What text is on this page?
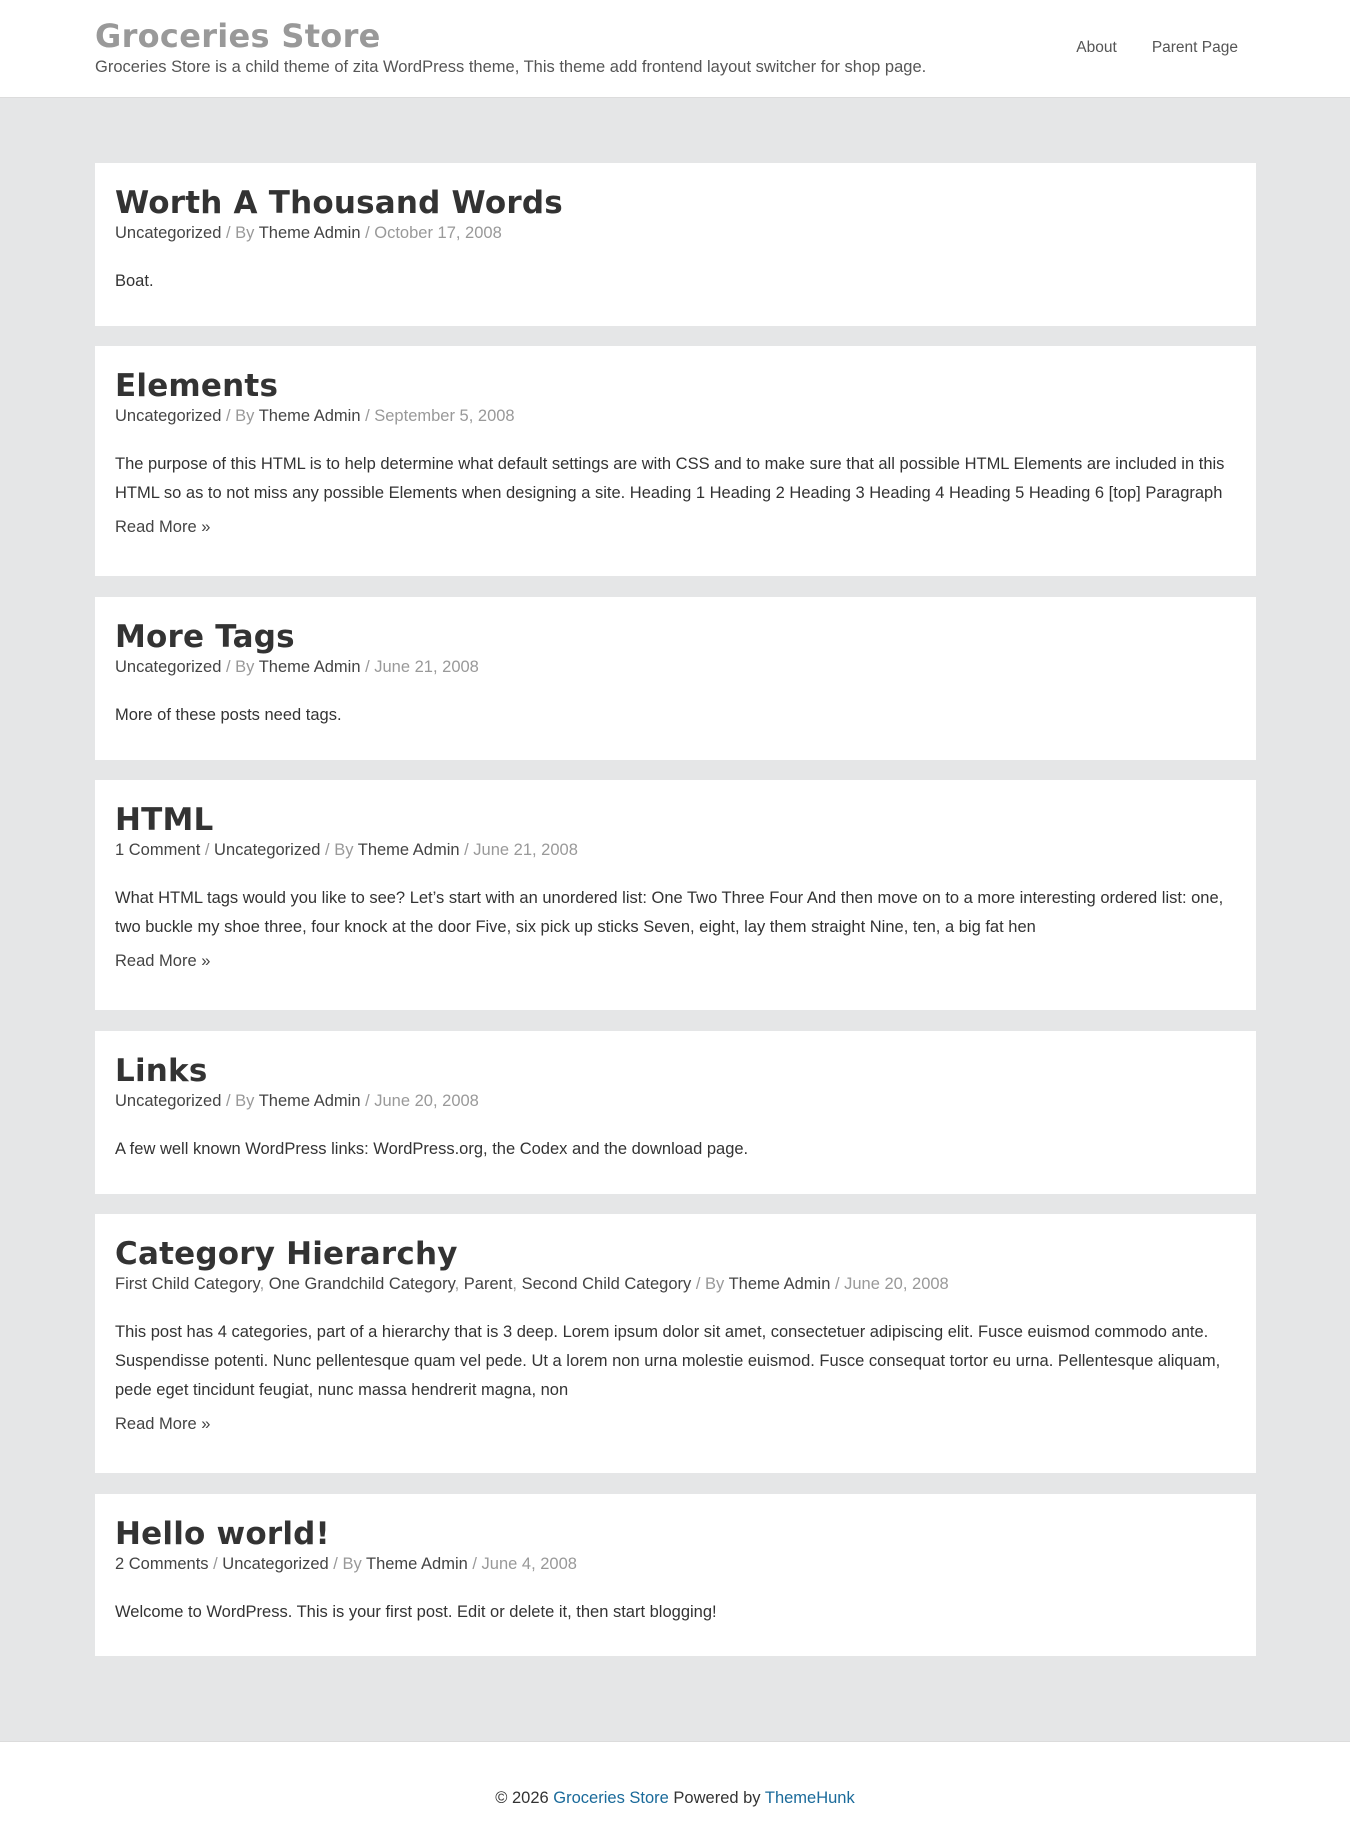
Groceries Store
Groceries Store is a child theme of zita WordPress theme, This theme add frontend layout switcher for shop page.
About Parent Page
Worth A Thousand Words
Uncategorized / By Theme Admin / October 17, 2008

Boat.

Elements
Uncategorized / By Theme Admin / September 5, 2008

The purpose of this HTML is to help determine what default settings are with CSS and to make sure that all possible HTML Elements are included in this HTML so as to not miss any possible Elements when designing a site. Heading 1 Heading 2 Heading 3 Heading 4 Heading 5 Heading 6 [top] Paragraph

Read More »
More Tags
Uncategorized / By Theme Admin / June 21, 2008

More of these posts need tags.

HTML
1 Comment / Uncategorized / By Theme Admin / June 21, 2008

What HTML tags would you like to see? Let’s start with an unordered list: One Two Three Four And then move on to a more interesting ordered list: one, two buckle my shoe three, four knock at the door Five, six pick up sticks Seven, eight, lay them straight Nine, ten, a big fat hen

Read More »
Links
Uncategorized / By Theme Admin / June 20, 2008

A few well known WordPress links: WordPress.org, the Codex and the download page.

Category Hierarchy
First Child Category, One Grandchild Category, Parent, Second Child Category / By Theme Admin / June 20, 2008

This post has 4 categories, part of a hierarchy that is 3 deep. Lorem ipsum dolor sit amet, consectetuer adipiscing elit. Fusce euismod commodo ante. Suspendisse potenti. Nunc pellentesque quam vel pede. Ut a lorem non urna molestie euismod. Fusce consequat tortor eu urna. Pellentesque aliquam, pede eget tincidunt feugiat, nunc massa hendrerit magna, non

Read More »
Hello world!
2 Comments / Uncategorized / By Theme Admin / June 4, 2008

Welcome to WordPress. This is your first post. Edit or delete it, then start blogging!

© 2026 Groceries Store Powered by ThemeHunk
